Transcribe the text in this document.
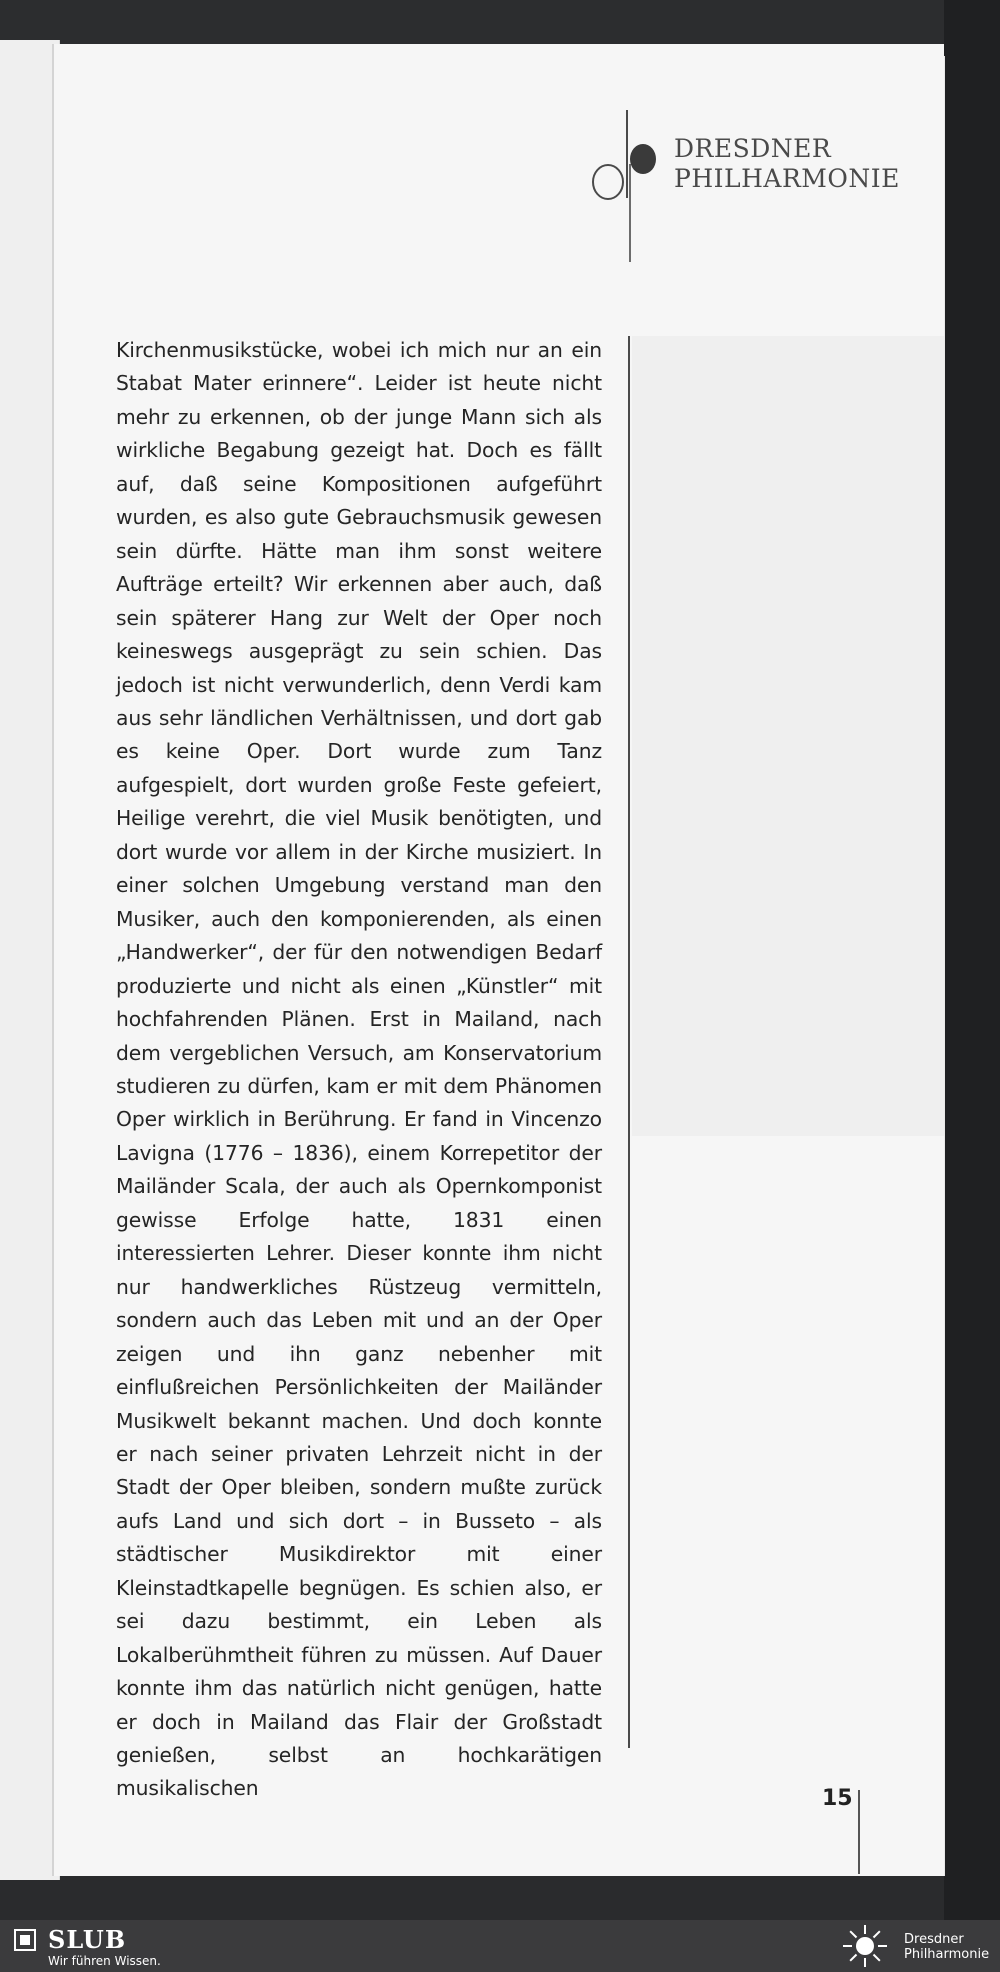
DRESDNER
PHILHARMONIE

Kirchenmusikstücke, wobei ich mich nur an ein Stabat Mater erinnere“. Leider ist heute nicht mehr zu erkennen, ob der junge Mann sich als wirkliche Begabung gezeigt hat. Doch es fällt auf, daß seine Kompositionen aufgeführt wurden, es also gute Gebrauchsmusik gewesen sein dürfte. Hätte man ihm sonst weitere Aufträge erteilt? Wir erkennen aber auch, daß sein späterer Hang zur Welt der Oper noch keineswegs ausgeprägt zu sein schien. Das jedoch ist nicht verwunderlich, denn Verdi kam aus sehr ländlichen Verhältnissen, und dort gab es keine Oper. Dort wurde zum Tanz aufgespielt, dort wurden große Feste gefeiert, Heilige verehrt, die viel Musik benötigten, und dort wurde vor allem in der Kirche musiziert. In einer solchen Umgebung verstand man den Musiker, auch den komponierenden, als einen „Handwerker“, der für den notwendigen Bedarf produzierte und nicht als einen „Künstler“ mit hochfahrenden Plänen. Erst in Mailand, nach dem vergeblichen Versuch, am Konservatorium studieren zu dürfen, kam er mit dem Phänomen Oper wirklich in Berührung. Er fand in Vincenzo Lavigna (1776 – 1836), einem Korrepetitor der Mailänder Scala, der auch als Opernkomponist gewisse Erfolge hatte, 1831 einen interessierten Lehrer. Dieser konnte ihm nicht nur handwerkliches Rüstzeug vermitteln, sondern auch das Leben mit und an der Oper zeigen und ihn ganz nebenher mit einflußreichen Persönlichkeiten der Mailänder Musikwelt bekannt machen. Und doch konnte er nach seiner privaten Lehrzeit nicht in der Stadt der Oper bleiben, sondern mußte zurück aufs Land und sich dort – in Busseto – als städtischer Musikdirektor mit einer Kleinstadtkapelle begnügen. Es schien also, er sei dazu bestimmt, ein Leben als Lokalberühmtheit führen zu müssen. Auf Dauer konnte ihm das natürlich nicht genügen, hatte er doch in Mailand das Flair der Großstadt genießen, selbst an hochkarätigen musikalischen	15
SLUB
Wir führen Wissen.
Dresdner
Philharmonie
